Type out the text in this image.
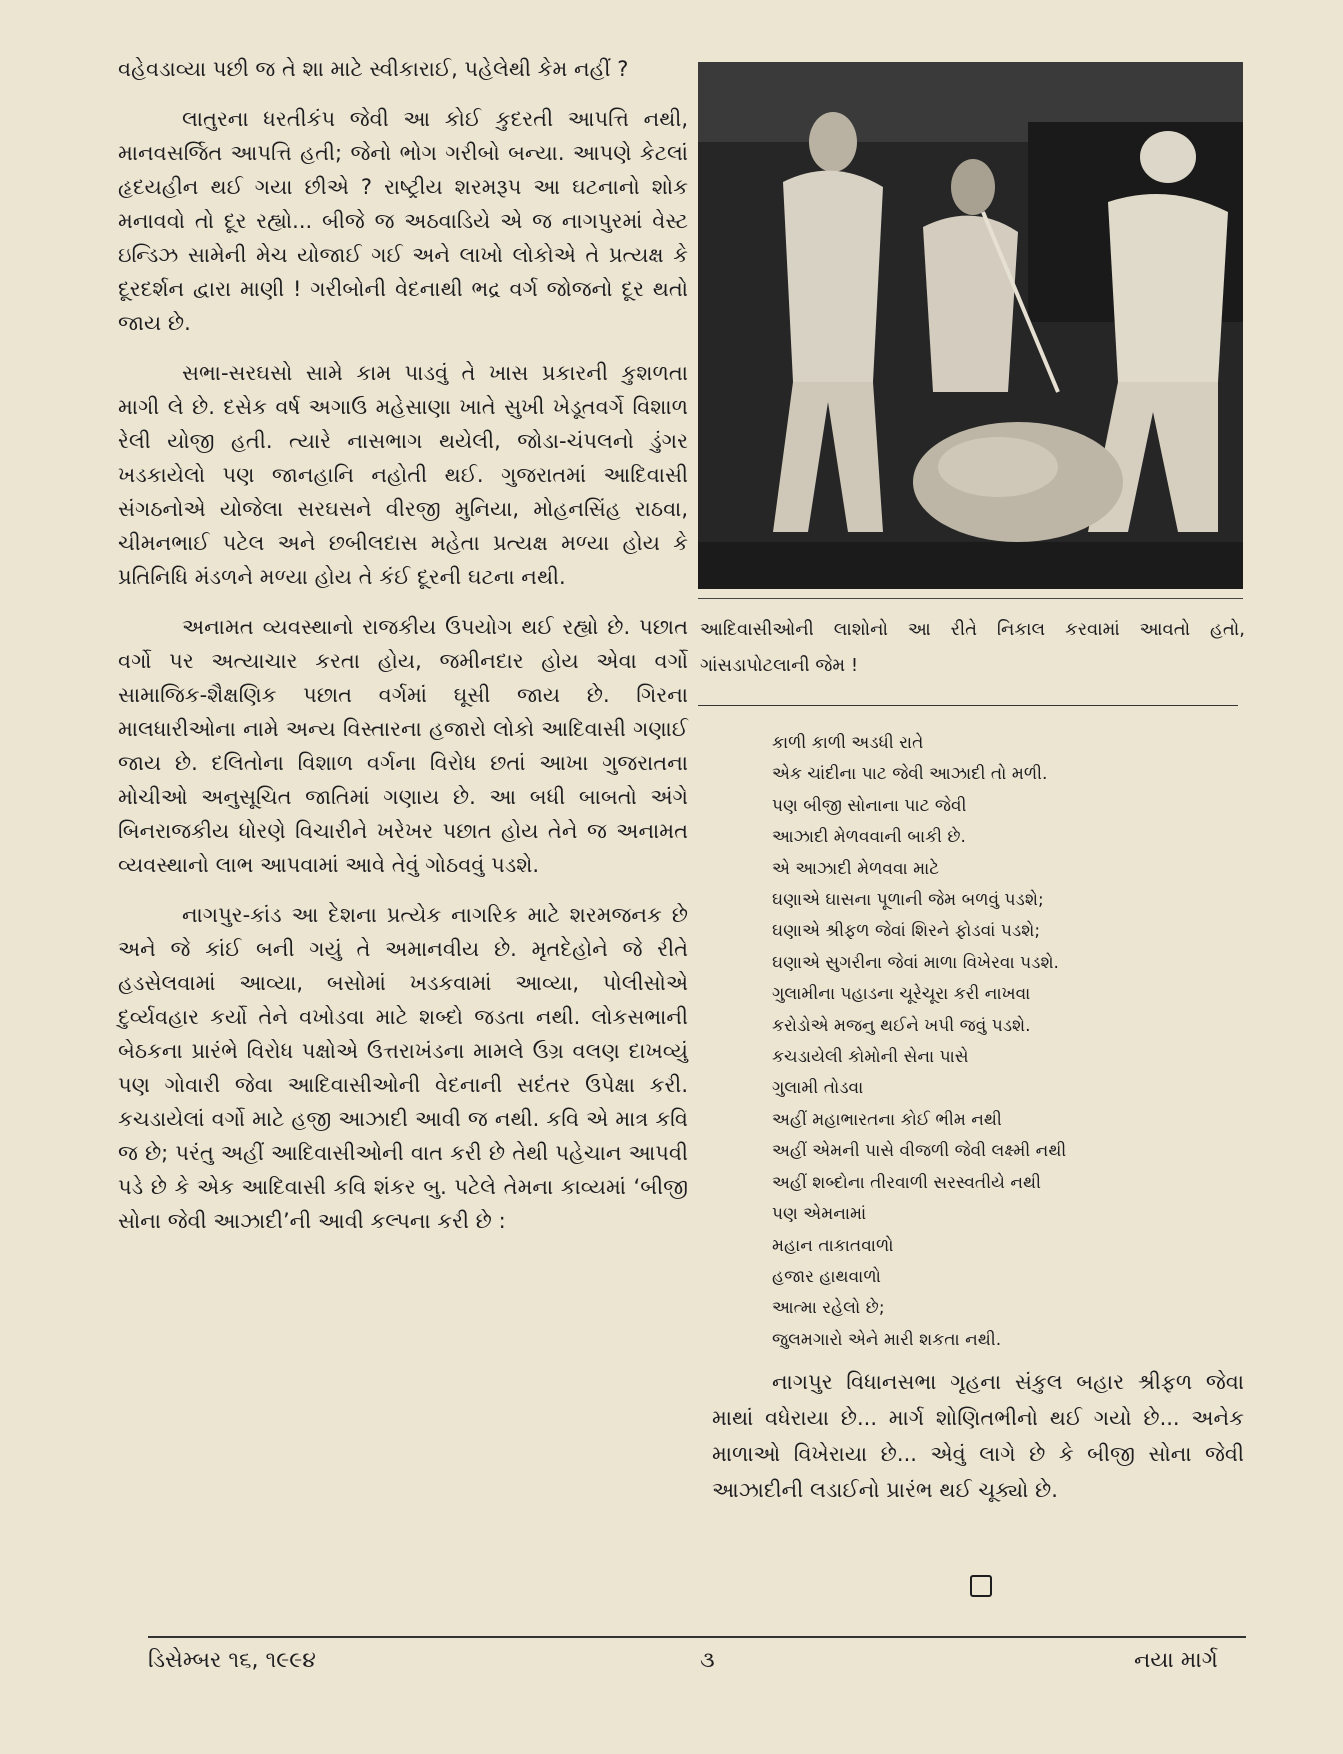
વહેવડાવ્યા પછી જ તે શા માટે સ્વીકારાઈ, પહેલેથી કેમ નહીં ?

લાતુરના ધરતીકંપ જેવી આ કોઈ કુદરતી આપત્તિ નથી, માનવસર્જિત આપત્તિ હતી; જેનો ભોગ ગરીબો બન્યા. આપણે કેટલાં હૃદયહીન થઈ ગયા છીએ ? રાષ્ટ્રીય શરમરૂપ આ ઘટનાનો શોક મનાવવો તો દૂર રહ્યો... બીજે જ અઠવાડિયે એ જ નાગપુરમાં વેસ્ટ ઇન્ડિઝ સામેની મેચ યોજાઈ ગઈ અને લાખો લોકોએ તે પ્રત્યક્ષ કે દૂરદર્શન દ્વારા માણી ! ગરીબોની વેદનાથી ભદ્ર વર્ગ જોજનો દૂર થતો જાય છે.

સભા-સરઘસો સામે કામ પાડવું તે ખાસ પ્રકારની કુશળતા માગી લે છે. દસેક વર્ષ અગાઉ મહેસાણા ખાતે સુખી ખેડૂતવર્ગે વિશાળ રેલી યોજી હતી. ત્યારે નાસભાગ થયેલી, જોડા-ચંપલનો ડુંગર ખડકાયેલો પણ જાનહાનિ નહોતી થઈ. ગુજરાતમાં આદિવાસી સંગઠનોએ યોજેલા સરઘસને વીરજી મુનિયા, મોહનસિંહ રાઠવા, ચીમનભાઈ પટેલ અને છબીલદાસ મહેતા પ્રત્યક્ષ મળ્યા હોય કે પ્રતિનિધિ મંડળને મળ્યા હોય તે કંઈ દૂરની ઘટના નથી.

અનામત વ્યવસ્થાનો રાજકીય ઉપયોગ થઈ રહ્યો છે. પછાત વર્ગો પર અત્યાચાર કરતા હોય, જમીનદાર હોય એવા વર્ગો સામાજિક-શૈક્ષણિક પછાત વર્ગમાં ઘૂસી જાય છે. ગિરના માલધારીઓના નામે અન્ય વિસ્તારના હજારો લોકો આદિવાસી ગણાઈ જાય છે. દલિતોના વિશાળ વર્ગના વિરોધ છતાં આખા ગુજરાતના મોચીઓ અનુસૂચિત જાતિમાં ગણાય છે. આ બધી બાબતો અંગે બિનરાજકીય ધોરણે વિચારીને ખરેખર પછાત હોય તેને જ અનામત વ્યવસ્થાનો લાભ આપવામાં આવે તેવું ગોઠવવું પડશે.

નાગપુર-કાંડ આ દેશના પ્રત્યેક નાગરિક માટે શરમજનક છે અને જે કાંઈ બની ગયું તે અમાનવીય છે. મૃતદેહોને જે રીતે હડસેલવામાં આવ્યા, બસોમાં ખડકવામાં આવ્યા, પોલીસોએ દુર્વ્યવહાર કર્યો તેને વખોડવા માટે શબ્દો જડતા નથી. લોકસભાની બેઠકના પ્રારંભે વિરોધ પક્ષોએ ઉત્તરાખંડના મામલે ઉગ્ર વલણ દાખવ્યું પણ ગોવારી જેવા આદિવાસીઓની વેદનાની સદંતર ઉપેક્ષા કરી. કચડાયેલાં વર્ગો માટે હજી આઝાદી આવી જ નથી. કવિ એ માત્ર કવિ જ છે; પરંતુ અહીં આદિવાસીઓની વાત કરી છે તેથી પહેચાન આપવી પડે છે કે એક આદિવાસી કવિ શંકર બુ. પટેલે તેમના કાવ્યમાં ‘બીજી સોના જેવી આઝાદી’ની આવી કલ્પના કરી છે :

આદિવાસીઓની લાશોનો આ રીતે નિકાલ કરવામાં આવતો હતો, ગાંસડાપોટલાની જેમ !
કાળી કાળી અડધી રાતે
એક ચાંદીના પાટ જેવી આઝાદી તો મળી.
પણ બીજી સોનાના પાટ જેવી
આઝાદી મેળવવાની બાકી છે.
એ આઝાદી મેળવવા માટે
ઘણાએ ઘાસના પૂળાની જેમ બળવું પડશે;
ઘણાએ શ્રીફળ જેવાં શિરને ફોડવાં પડશે;
ઘણાએ સુગરીના જેવાં માળા વિખેરવા પડશે.
ગુલામીના પહાડના ચૂરેચૂરા કરી નાખવા
કરોડોએ મજનુ થઈને ખપી જવું પડશે.
કચડાયેલી કોમોની સેના પાસે
ગુલામી તોડવા
અહીં મહાભારતના કોઈ ભીમ નથી
અહીં એમની પાસે વીજળી જેવી લક્ષ્મી નથી
અહીં શબ્દોના તીરવાળી સરસ્વતીયે નથી
પણ એમનામાં
મહાન તાકાતવાળો
હજાર હાથવાળો
આત્મા રહેલો છે;
જુલમગારો એને મારી શકતા નથી.
નાગપુર વિધાનસભા ગૃહના સંકુલ બહાર શ્રીફળ જેવા માથાં વધેરાયા છે... માર્ગ શોણિતભીનો થઈ ગયો છે... અનેક માળાઓ વિખેરાયા છે... એવું લાગે છે કે બીજી સોના જેવી આઝાદીની લડાઈનો પ્રારંભ થઈ ચૂક્યો છે.
ડિસેમ્બર ૧૬, ૧૯૯૪	૩	નયા માર્ગ
